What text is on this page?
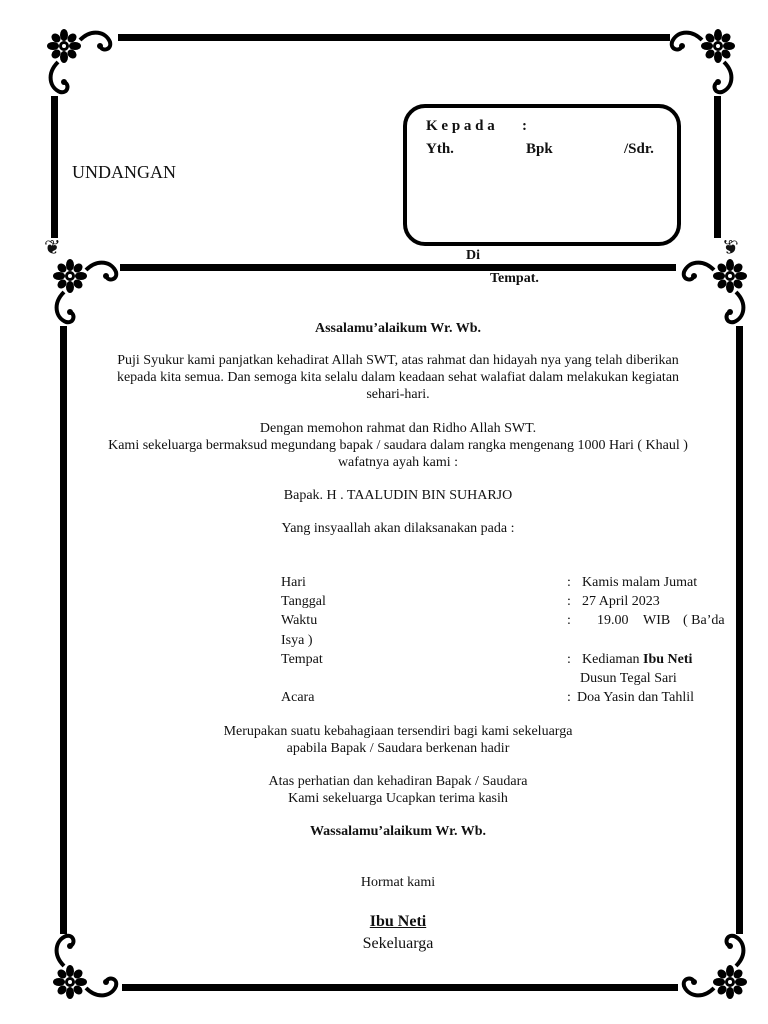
❦	❦
UNDANGAN
K e p a d a :
Yth.	Bpk	/Sdr.
Di
Tempat.
Assalamu’alaikum Wr. Wb.
Puji Syukur kami panjatkan kehadirat Allah SWT, atas rahmat dan hidayah nya yang telah diberikan
kepada kita semua. Dan semoga kita selalu dalam keadaan sehat walafiat dalam melakukan kegiatan
sehari-hari.
Dengan memohon rahmat dan Ridho Allah SWT.
Kami sekeluarga bermaksud megundang bapak / saudara dalam rangka mengenang 1000 Hari ( Khaul )
wafatnya ayah kami :
Bapak. H . TAALUDIN BIN SUHARJO
Yang insyaallah akan dilaksanakan pada :
Hari	: Kamis malam Jumat
Tanggal	: 27 April 2023
Waktu	: 19.00 WIB ( Ba’da
Isya )
Tempat	: Kediaman Ibu Neti
Dusun Tegal Sari
Acara	: Doa Yasin dan Tahlil
Merupakan suatu kebahagiaan tersendiri bagi kami sekeluarga
apabila Bapak / Saudara berkenan hadir
Atas perhatian dan kehadiran Bapak / Saudara
Kami sekeluarga Ucapkan terima kasih
Wassalamu’alaikum Wr. Wb.
Hormat kami
Ibu Neti
Sekeluarga
